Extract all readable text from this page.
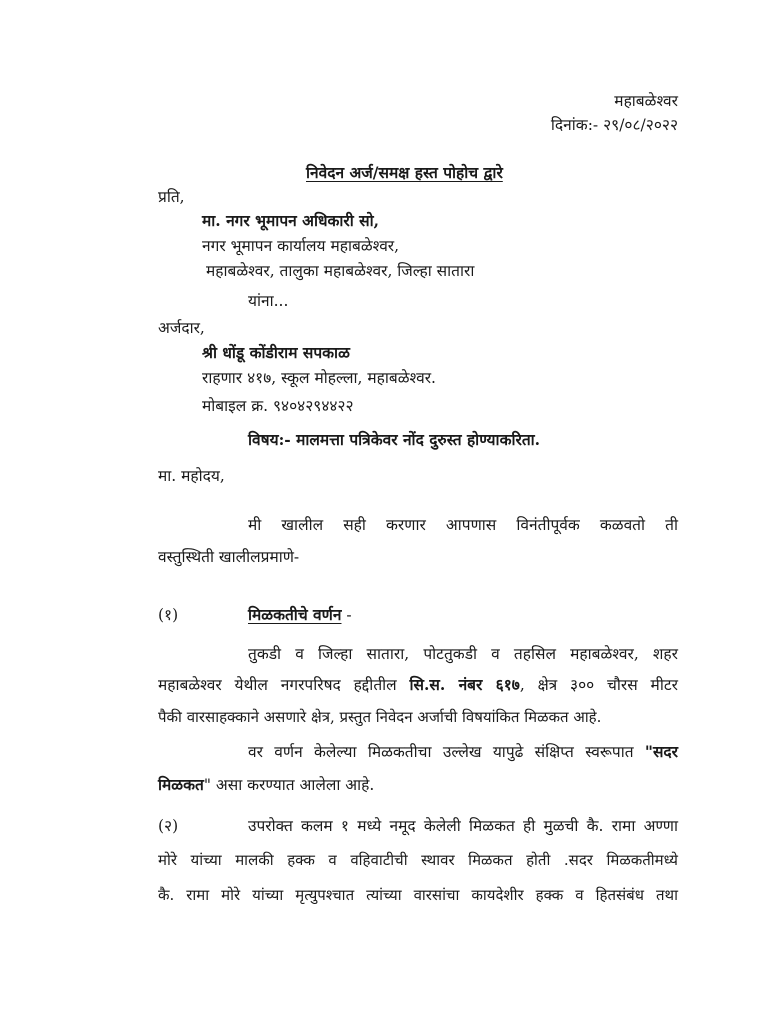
महाबळेश्वर
दिनांक:- २९/०८/२०२२
निवेदन अर्ज/समक्ष हस्त पोहोच द्वारे
प्रति,
मा. नगर भूमापन अधिकारी सो,
नगर भूमापन कार्यालय महाबळेश्वर,
महाबळेश्वर, तालुका महाबळेश्वर, जिल्हा सातारा
यांना...
अर्जदार,
श्री धोंडू कोंडीराम सपकाळ
राहणार ४१७, स्कूल मोहल्ला, महाबळेश्वर.
मोबाइल क्र. ९४०४२९४४२२
विषय:- मालमत्ता पत्रिकेवर नोंद दुरुस्त होण्याकरिता.
मा. महोदय,
मी खालील सही करणार आपणास विनंतीपूर्वक कळवतो ती
वस्तुस्थिती खालीलप्रमाणे-
(१)	मिळकतीचे वर्णन -
तुकडी व जिल्हा सातारा, पोटतुकडी व तहसिल महाबळेश्वर, शहर
महाबळेश्वर येथील नगरपरिषद हद्दीतील सि.स. नंबर ६१७, क्षेत्र ३०० चौरस मीटर
पैकी वारसाहक्काने असणारे क्षेत्र, प्रस्तुत निवेदन अर्जाची विषयांकित मिळकत आहे.
वर वर्णन केलेल्या मिळकतीचा उल्लेख यापुढे संक्षिप्त स्वरूपात "सदर
मिळकत" असा करण्यात आलेला आहे.
(२)	उपरोक्त कलम १ मध्ये नमूद केलेली मिळकत ही मुळची कै. रामा अण्णा
मोरे यांच्या मालकी हक्क व वहिवाटीची स्थावर मिळकत होती .सदर मिळकतीमध्ये
कै. रामा मोरे यांच्या मृत्युपश्चात त्यांच्या वारसांचा कायदेशीर हक्क व हितसंबंध तथा
